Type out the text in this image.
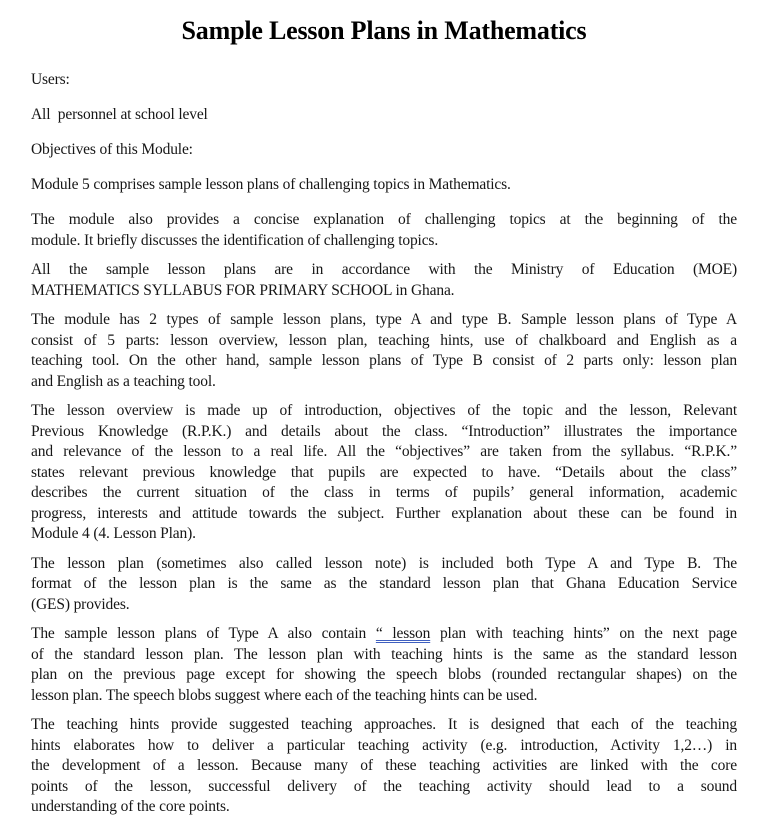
Sample Lesson Plans in Mathematics
Users:
All  personnel at school level
Objectives of this Module:
Module 5 comprises sample lesson plans of challenging topics in Mathematics.
The module also provides a concise explanation of challenging topics at the beginning of the
module. It briefly discusses the identification of challenging topics.
All the sample lesson plans are in accordance with the Ministry of Education (MOE)
MATHEMATICS SYLLABUS FOR PRIMARY SCHOOL in Ghana.
The module has 2 types of sample lesson plans, type A and type B. Sample lesson plans of Type A
consist of 5 parts: lesson overview, lesson plan, teaching hints, use of chalkboard and English as a
teaching tool. On the other hand, sample lesson plans of Type B consist of 2 parts only: lesson plan
and English as a teaching tool.
The lesson overview is made up of introduction, objectives of the topic and the lesson, Relevant
Previous Knowledge (R.P.K.) and details about the class. “Introduction” illustrates the importance
and relevance of the lesson to a real life. All the “objectives” are taken from the syllabus. “R.P.K.”
states relevant previous knowledge that pupils are expected to have. “Details about the class”
describes the current situation of the class in terms of pupils’ general information, academic
progress, interests and attitude towards the subject. Further explanation about these can be found in
Module 4 (4. Lesson Plan).
The lesson plan (sometimes also called lesson note) is included both Type A and Type B. The
format of the lesson plan is the same as the standard lesson plan that Ghana Education Service
(GES) provides.
The sample lesson plans of Type A also contain “ lesson plan with teaching hints” on the next page
of the standard lesson plan. The lesson plan with teaching hints is the same as the standard lesson
plan on the previous page except for showing the speech blobs (rounded rectangular shapes) on the
lesson plan. The speech blobs suggest where each of the teaching hints can be used.
The teaching hints provide suggested teaching approaches. It is designed that each of the teaching
hints elaborates how to deliver a particular teaching activity (e.g. introduction, Activity 1,2…) in
the development of a lesson. Because many of these teaching activities are linked with the core
points of the lesson, successful delivery of the teaching activity should lead to a sound
understanding of the core points.
